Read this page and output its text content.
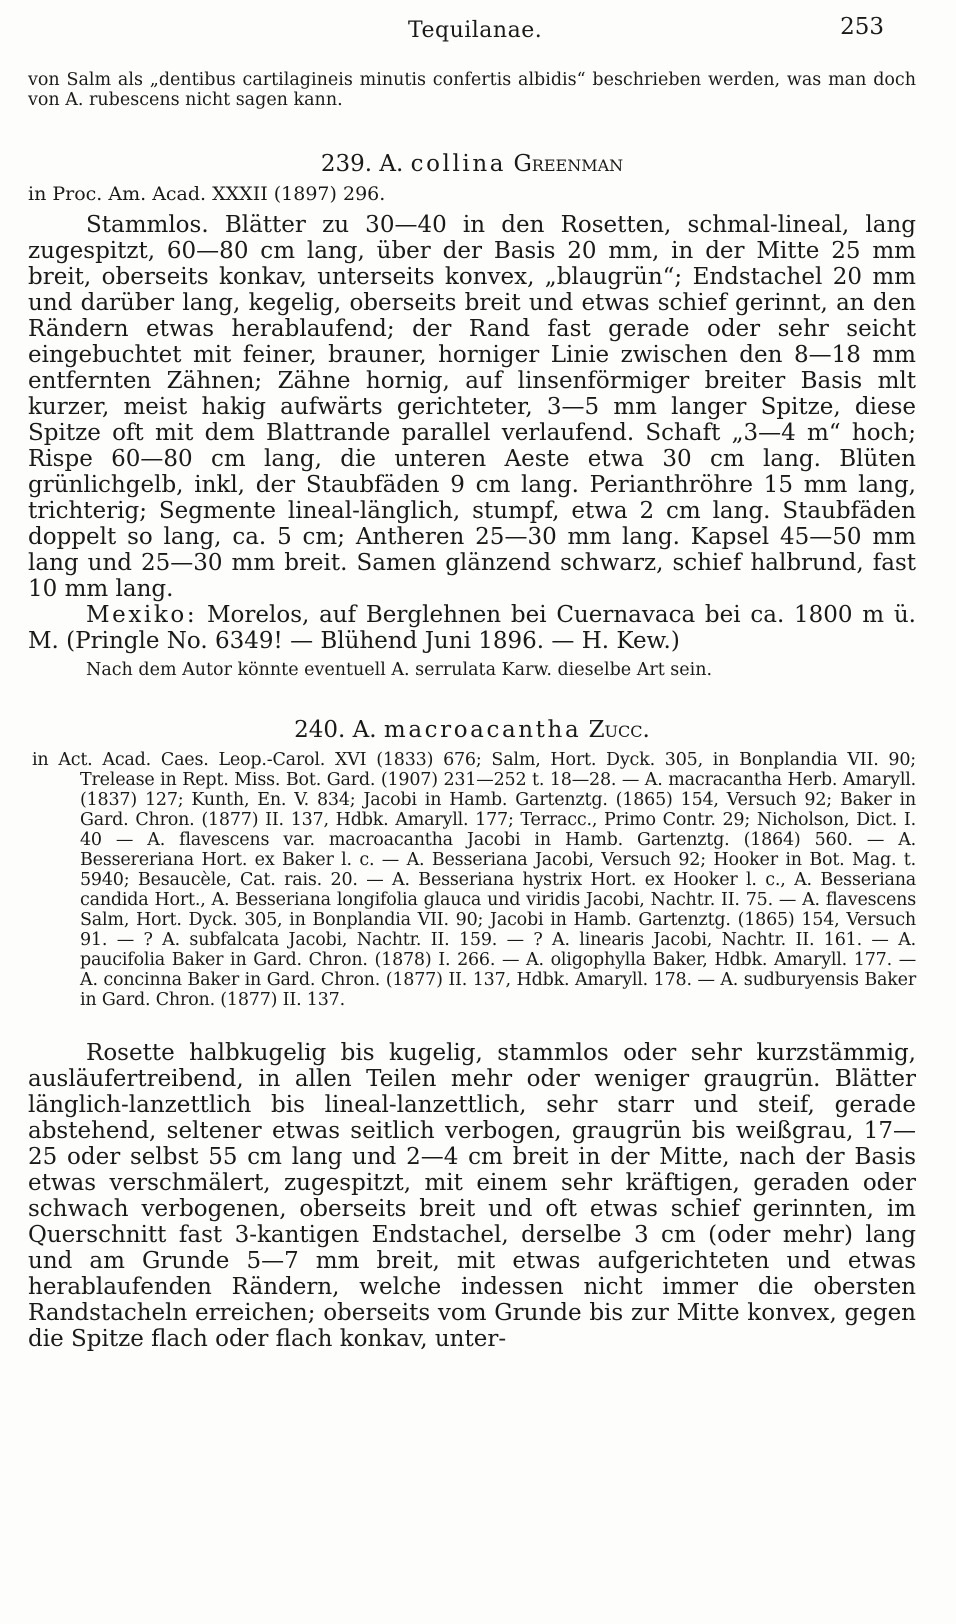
Tequilanae.	253

von Salm als „dentibus cartilagineis minutis confertis albidis“ beschrieben werden, was man doch von A. rubescens nicht sagen kann.

239. A. collina Greenman

in Proc. Am. Acad. XXXII (1897) 296.

Stammlos. Blätter zu 30—40 in den Rosetten, schmal-lineal, lang zugespitzt, 60—80 cm lang, über der Basis 20 mm, in der Mitte 25 mm breit, oberseits konkav, unterseits konvex, „blaugrün“; Endstachel 20 mm und darüber lang, kegelig, oberseits breit und etwas schief gerinnt, an den Rändern etwas herablaufend; der Rand fast gerade oder sehr seicht eingebuchtet mit feiner, brauner, horniger Linie zwischen den 8—18 mm entfernten Zähnen; Zähne hornig, auf linsenförmiger breiter Basis mlt kurzer, meist hakig aufwärts gerichteter, 3—5 mm langer Spitze, diese Spitze oft mit dem Blattrande parallel verlaufend. Schaft „3—4 m“ hoch; Rispe 60—80 cm lang, die unteren Aeste etwa 30 cm lang. Blüten grünlichgelb, inkl, der Staubfäden 9 cm lang. Perianthröhre 15 mm lang, trichterig; Segmente lineal-länglich, stumpf, etwa 2 cm lang. Staubfäden doppelt so lang, ca. 5 cm; Antheren 25—30 mm lang. Kapsel 45—50 mm lang und 25—30 mm breit. Samen glänzend schwarz, schief halbrund, fast 10 mm lang.

Mexiko: Morelos, auf Berglehnen bei Cuernavaca bei ca. 1800 m ü. M. (Pringle No. 6349! — Blühend Juni 1896. — H. Kew.)

Nach dem Autor könnte eventuell A. serrulata Karw. dieselbe Art sein.

240. A. macroacantha Zucc.

in Act. Acad. Caes. Leop.-Carol. XVI (1833) 676; Salm, Hort. Dyck. 305, in Bonplandia VII. 90; Trelease in Rept. Miss. Bot. Gard. (1907) 231—252 t. 18—28. — A. macracantha Herb. Amaryll. (1837) 127; Kunth, En. V. 834; Jacobi in Hamb. Gartenztg. (1865) 154, Versuch 92; Baker in Gard. Chron. (1877) II. 137, Hdbk. Amaryll. 177; Terracc., Primo Contr. 29; Nicholson, Dict. I. 40 — A. flavescens var. macroacantha Jacobi in Hamb. Gartenztg. (1864) 560. — A. Bessereriana Hort. ex Baker l. c. — A. Besseriana Jacobi, Versuch 92; Hooker in Bot. Mag. t. 5940; Besaucèle, Cat. rais. 20. — A. Besseriana hystrix Hort. ex Hooker l. c., A. Besseriana candida Hort., A. Besseriana longifolia glauca und viridis Jacobi, Nachtr. II. 75. — A. flavescens Salm, Hort. Dyck. 305, in Bonplandia VII. 90; Jacobi in Hamb. Gartenztg. (1865) 154, Versuch 91. — ? A. subfalcata Jacobi, Nachtr. II. 159. — ? A. linearis Jacobi, Nachtr. II. 161. — A. paucifolia Baker in Gard. Chron. (1878) I. 266. — A. oligophylla Baker, Hdbk. Amaryll. 177. — A. concinna Baker in Gard. Chron. (1877) II. 137, Hdbk. Amaryll. 178. — A. sudburyensis Baker in Gard. Chron. (1877) II. 137.

Rosette halbkugelig bis kugelig, stammlos oder sehr kurzstämmig, ausläufertreibend, in allen Teilen mehr oder weniger graugrün. Blätter länglich-lanzettlich bis lineal-lanzettlich, sehr starr und steif, gerade abstehend, seltener etwas seitlich verbogen, graugrün bis weißgrau, 17—25 oder selbst 55 cm lang und 2—4 cm breit in der Mitte, nach der Basis etwas verschmälert, zugespitzt, mit einem sehr kräftigen, geraden oder schwach verbogenen, oberseits breit und oft etwas schief gerinnten, im Querschnitt fast 3-kantigen Endstachel, derselbe 3 cm (oder mehr) lang und am Grunde 5—7 mm breit, mit etwas aufgerichteten und etwas herablaufenden Rändern, welche indessen nicht immer die obersten Randstacheln erreichen; oberseits vom Grunde bis zur Mitte konvex, gegen die Spitze flach oder flach konkav, unter-
